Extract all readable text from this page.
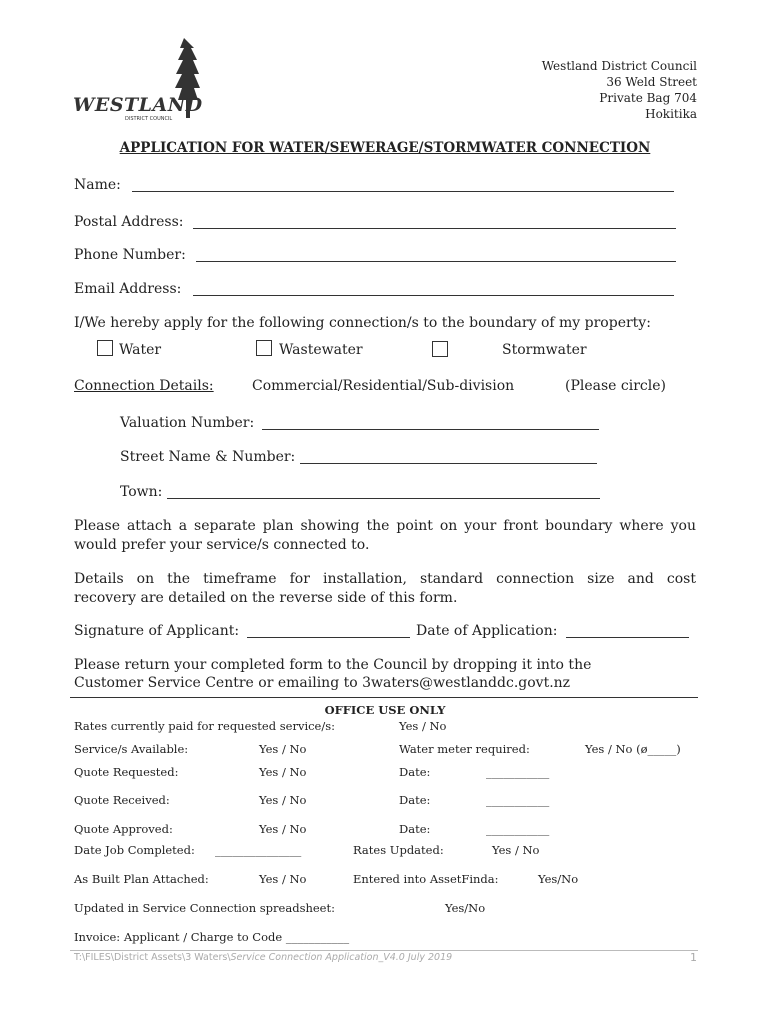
WESTLAND
DISTRICT COUNCIL
Westland District Council
36 Weld Street
Private Bag 704
Hokitika
APPLICATION FOR WATER/SEWERAGE/STORMWATER CONNECTION
Name:
Postal Address:
Phone Number:
Email Address:
I/We hereby apply for the following connection/s to the boundary of my property:
Water	Wastewater	Stormwater
Connection Details:	Commercial/Residential/Sub-division	(Please circle)
Valuation Number:
Street Name & Number:
Town:
Please attach a separate plan showing the point on your front boundary where you
would prefer your service/s connected to.
Details on the timeframe for installation, standard connection size and cost
recovery are detailed on the reverse side of this form.
Signature of Applicant:	Date of Application:
Please return your completed form to the Council by dropping it into the
Customer Service Centre or emailing to 3waters@westlanddc.govt.nz
OFFICE USE ONLY
Rates currently paid for requested service/s:	Yes / No
Service/s Available:	Yes / No	Water meter required:	Yes / No (ø_____)
Quote Requested:	Yes / No	Date:	___________
Quote Received:	Yes / No	Date:	___________
Quote Approved:	Yes / No	Date:	___________
Date Job Completed: _______________	Rates Updated:	Yes / No
As Built Plan Attached:	Yes / No	Entered into AssetFinda:	Yes/No
Updated in Service Connection spreadsheet:	Yes/No
Invoice: Applicant / Charge to Code ___________
T:\FILES\District Assets\3 Waters\Service Connection Application_V4.0 July 2019	1
